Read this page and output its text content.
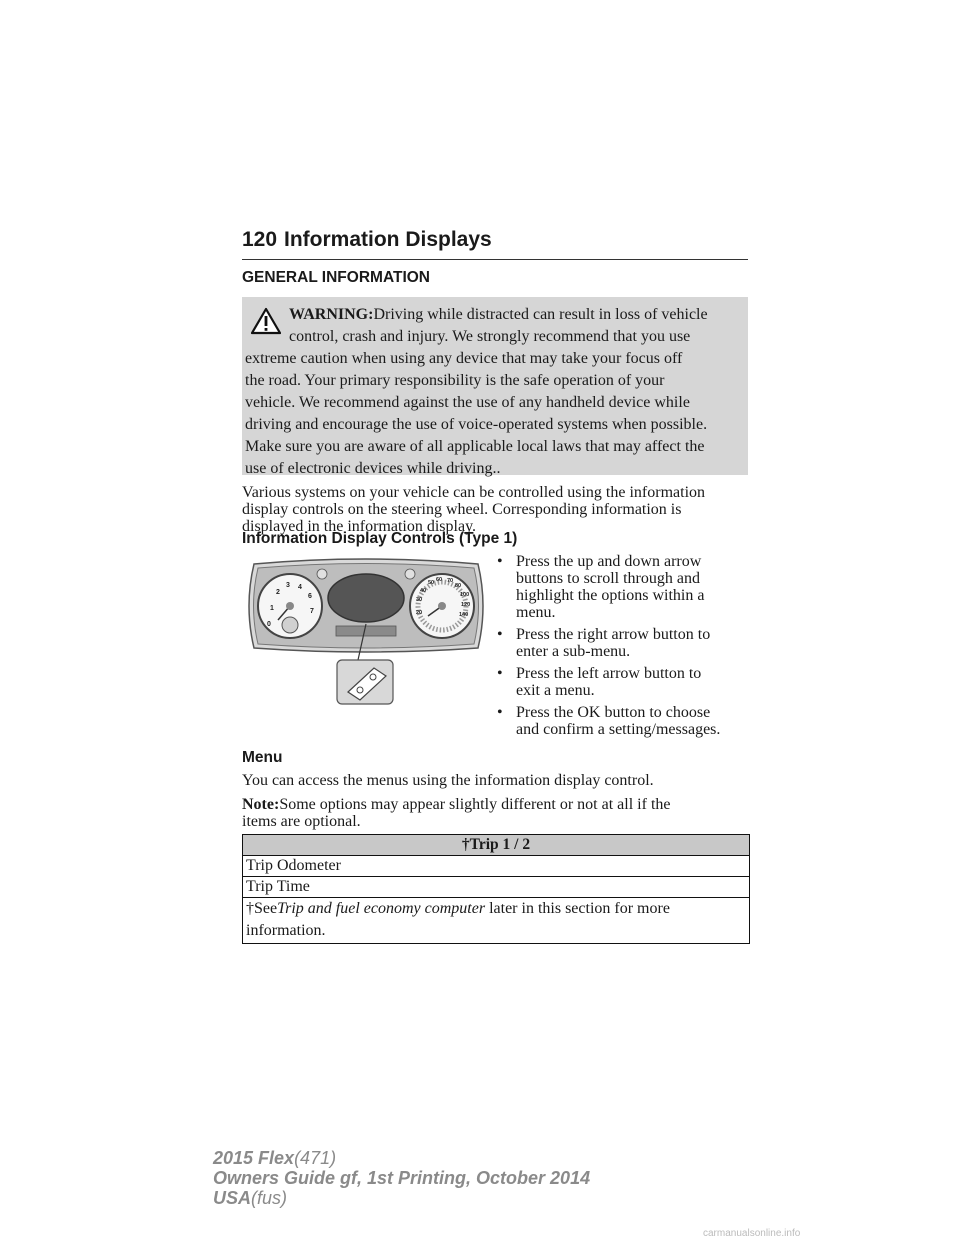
120 Information Displays
GENERAL INFORMATION
WARNING:Driving while distracted can result in loss of vehicle
control, crash and injury. We strongly recommend that you use
extreme caution when using any device that may take your focus off
the road. Your primary responsibility is the safe operation of your
vehicle. We recommend against the use of any handheld device while
driving and encourage the use of voice-operated systems when possible.
Make sure you are aware of all applicable local laws that may affect the
use of electronic devices while driving..
Various systems on your vehicle can be controlled using the information
display controls on the steering wheel. Corresponding information is
displayed in the information display.
Information Display Controls (Type 1)
1
2
3 4
6
7
0
20
30
40
50 60 70
80
100
120
140
• Press the up and down arrow
buttons to scroll through and
highlight the options within a
menu.
• Press the right arrow button to
enter a sub-menu.
• Press the left arrow button to
exit a menu.
• Press the OK button to choose
and confirm a setting/messages.
Menu
You can access the menus using the information display control.
Note:Some options may appear slightly different or not at all if the
items are optional.
†Trip 1 / 2
Trip Odometer
Trip Time
†SeeTrip and fuel economy computer later in this section for more
information.
2015 Flex(471)
Owners Guide gf, 1st Printing, October 2014
USA(fus)
carmanualsonline.info
